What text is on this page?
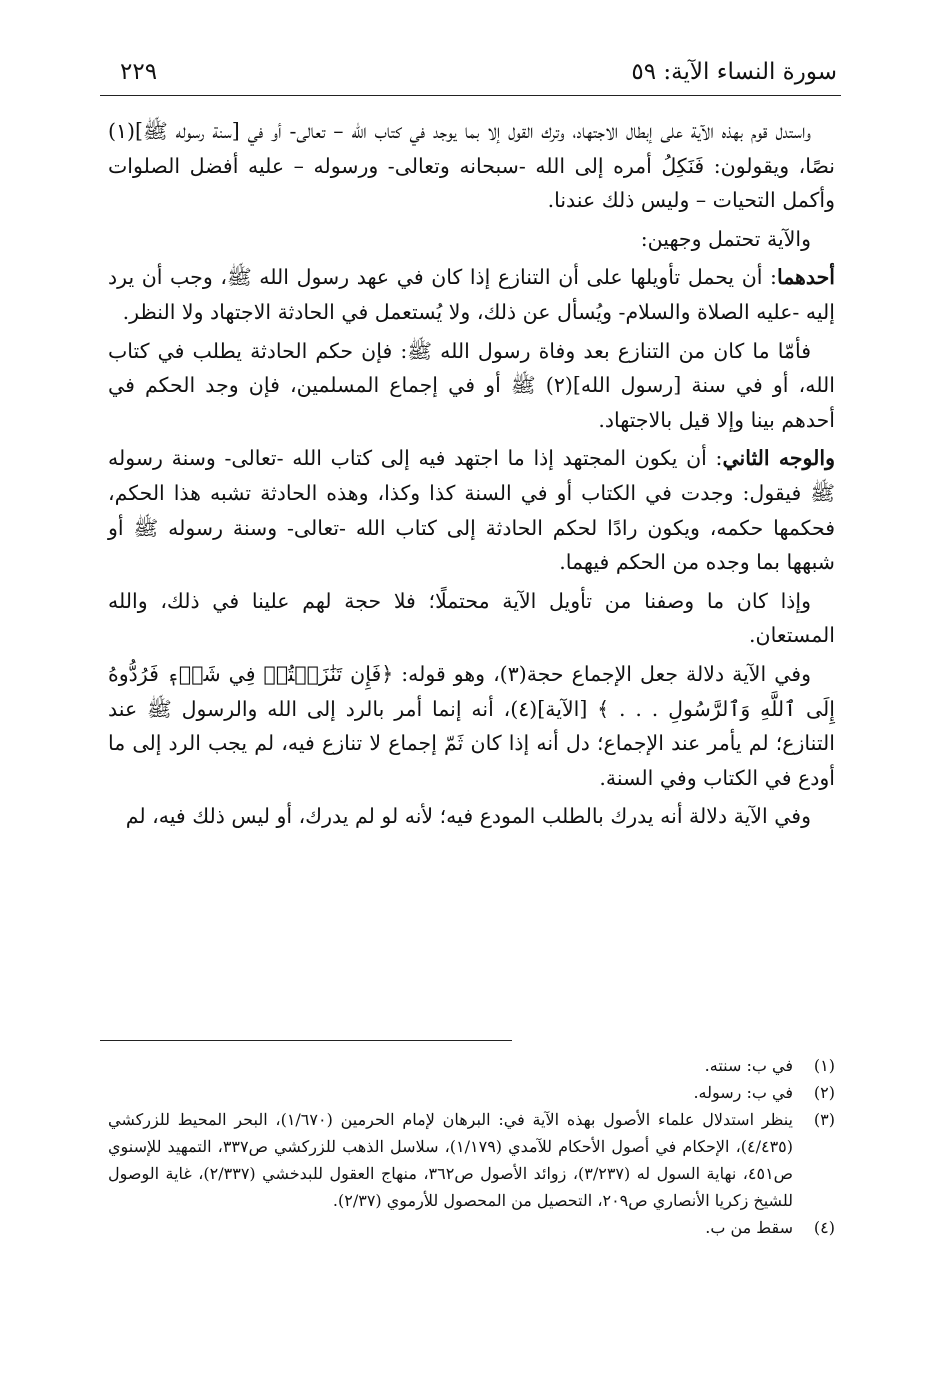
سورة النساء الآية: ٥٩
٢٢٩

واستدل قوم بهذه الآية على إبطال الاجتهاد، وترك القول إلا بما يوجد في كتاب الله – تعالى- أو في [سنة رسوله ﷺ](١) نصًا، ويقولون: فَنَكِلُ أمره إلى الله -سبحانه وتعالى- ورسوله – عليه أفضل الصلوات وأكمل التحيات – وليس ذلك عندنا.

والآية تحتمل وجهين:

أحدهما: أن يحمل تأويلها على أن التنازع إذا كان في عهد رسول الله ﷺ، وجب أن يرد إليه -عليه الصلاة والسلام- ويُسأل عن ذلك، ولا يُستعمل في الحادثة الاجتهاد ولا النظر.

فأمّا ما كان من التنازع بعد وفاة رسول الله ﷺ: فإن حكم الحادثة يطلب في كتاب الله، أو في سنة [رسول الله](٢) ﷺ أو في إجماع المسلمين، فإن وجد الحكم في أحدهم بينا وإلا قيل بالاجتهاد.

والوجه الثاني: أن يكون المجتهد إذا ما اجتهد فيه إلى كتاب الله -تعالى- وسنة رسوله ﷺ فيقول: وجدت في الكتاب أو في السنة كذا وكذا، وهذه الحادثة تشبه هذا الحكم، فحكمها حكمه، ويكون رادًا لحكم الحادثة إلى كتاب الله -تعالى- وسنة رسوله ﷺ أو شبهها بما وجده من الحكم فيهما.

وإذا كان ما وصفنا من تأويل الآية محتملًا؛ فلا حجة لهم علينا في ذلك، والله المستعان.

وفي الآية دلالة جعل الإجماع حجة(٣)، وهو قوله: ﴿فَإِن تَنَٰزَعۡتُمۡ فِي شَيۡءٖ فَرُدُّوهُ إِلَى ٱللَّهِ وَٱلرَّسُولِ . . . ﴾ [الآية](٤)، أنه إنما أمر بالرد إلى الله والرسول ﷺ عند التنازع؛ لم يأمر عند الإجماع؛ دل أنه إذا كان ثَمّ إجماع لا تنازع فيه، لم يجب الرد إلى ما أودع في الكتاب وفي السنة.

وفي الآية دلالة أنه يدرك بالطلب المودع فيه؛ لأنه لو لم يدرك، أو ليس ذلك فيه، لم

(١)
في ب: سنته.
(٢)
في ب: رسوله.
(٣)
ينظر استدلال علماء الأصول بهذه الآية في: البرهان لإمام الحرمين (١/٦٧٠)، البحر المحيط للزركشي (٤/٤٣٥)، الإحكام في أصول الأحكام للآمدي (١/١٧٩)، سلاسل الذهب للزركشي ص٣٣٧، التمهيد للإسنوي ص٤٥١، نهاية السول له (٣/٢٣٧)، زوائد الأصول ص٣٦٢، منهاج العقول للبدخشي (٢/٣٣٧)، غاية الوصول للشيخ زكريا الأنصاري ص٢٠٩، التحصيل من المحصول للأرموي (٢/٣٧).
(٤)
سقط من ب.
